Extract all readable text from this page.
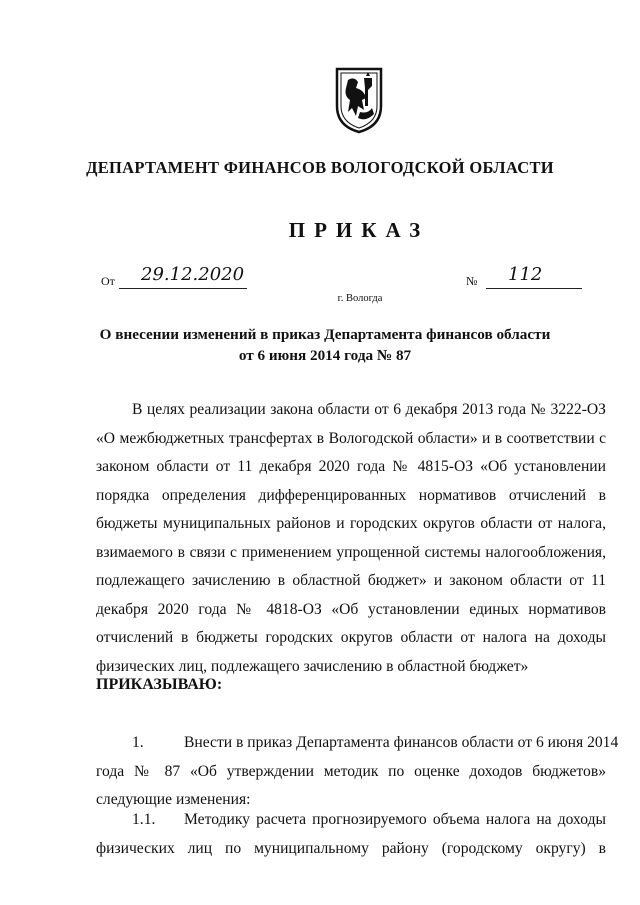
ДЕПАРТАМЕНТ ФИНАНСОВ ВОЛОГОДСКОЙ ОБЛАСТИ
ПРИКАЗ
От 29.12.2020	№ 112
г. Вологда
О внесении изменений в приказ Департамента финансов области
от 6 июня 2014 года № 87
В целях реализации закона области от 6 декабря 2013 года № 3222-ОЗ
«О межбюджетных трансфертах в Вологодской области» и в соответствии с
законом области от 11 декабря 2020 года № 4815-ОЗ «Об установлении
порядка определения дифференцированных нормативов отчислений в
бюджеты муниципальных районов и городских округов области от налога,
взимаемого в связи с применением упрощенной системы налогообложения,
подлежащего зачислению в областной бюджет» и законом области от 11
декабря 2020 года № 4818-ОЗ «Об установлении единых нормативов
отчислений в бюджеты городских округов области от налога на доходы
физических лиц, подлежащего зачислению в областной бюджет»
ПРИКАЗЫВАЮ:
1.	Внести в приказ Департамента финансов области от 6 июня 2014
года № 87 «Об утверждении методик по оценке доходов бюджетов»
следующие изменения:
1.1. Методику расчета прогнозируемого объема налога на доходы
физических лиц по муниципальному району (городскому округу) в
